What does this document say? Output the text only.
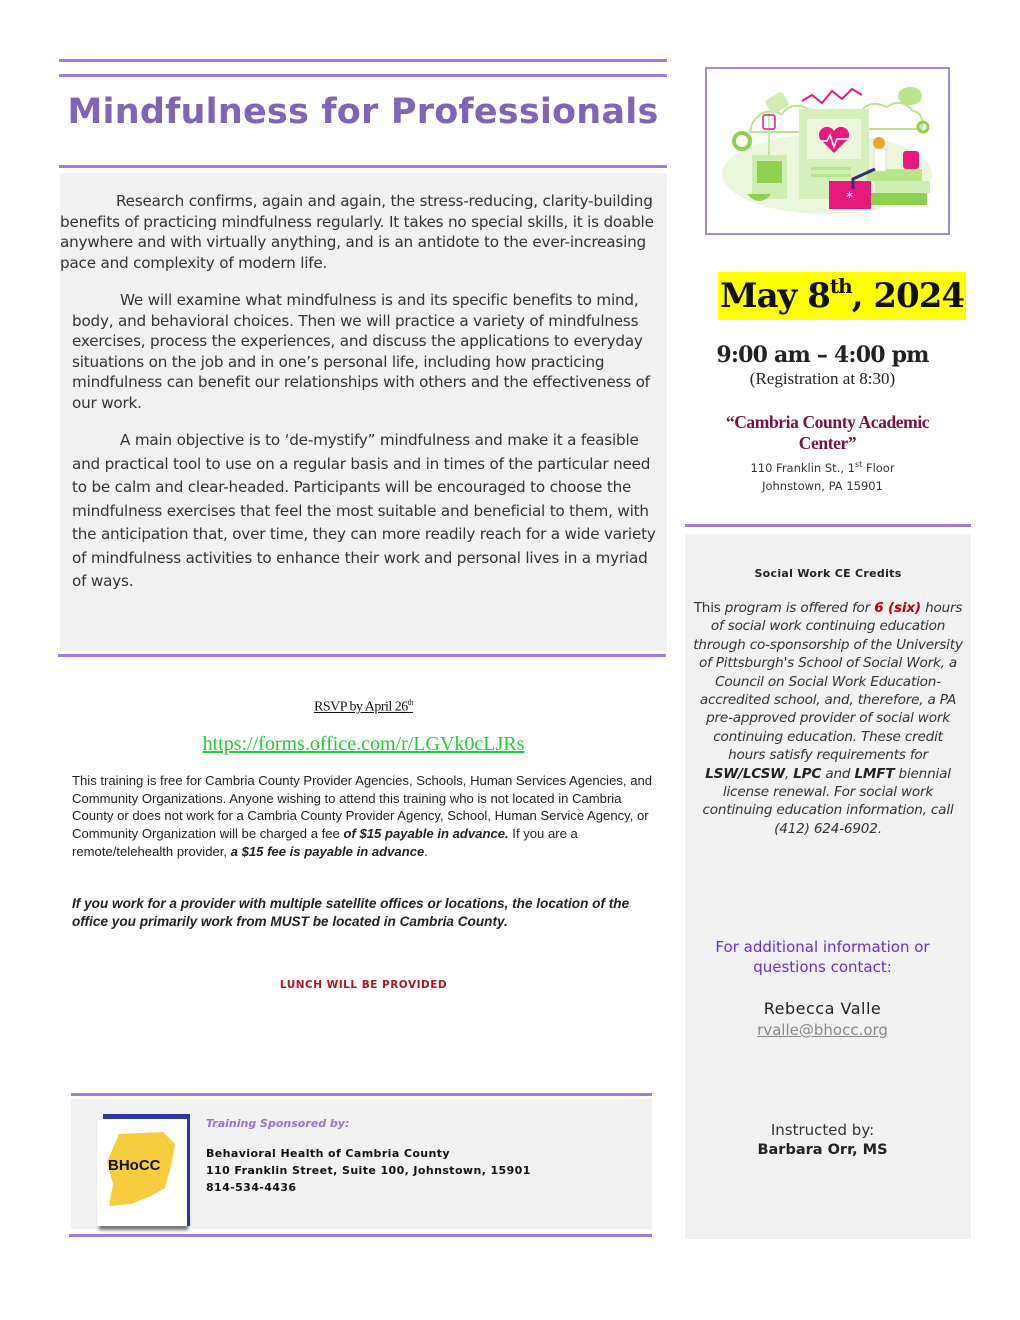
Mindfulness for Professionals
Research confirms, again and again, the stress-reducing, clarity-building benefits of practicing mindfulness regularly. It takes no special skills, it is doable anywhere and with virtually anything, and is an antidote to the ever-increasing pace and complexity of modern life.
We will examine what mindfulness is and its specific benefits to mind, body, and behavioral choices. Then we will practice a variety of mindfulness exercises, process the experiences, and discuss the applications to everyday situations on the job and in one’s personal life, including how practicing mindfulness can benefit our relationships with others and the effectiveness of our work.
A main objective is to ‘de-mystify” mindfulness and make it a feasible and practical tool to use on a regular basis and in times of the particular need to be calm and clear-headed. Participants will be encouraged to choose the mindfulness exercises that feel the most suitable and beneficial to them, with the anticipation that, over time, they can more readily reach for a wide variety of mindfulness activities to enhance their work and personal lives in a myriad of ways.
*
May 8th, 2024
9:00 am – 4:00 pm
(Registration at 8:30)
“Cambria County Academic Center”
110 Franklin St., 1st Floor
Johnstown, PA 15901
Social Work CE Credits
This program is offered for 6 (six) hours of social work continuing education through co-sponsorship of the University of Pittsburgh's School of Social Work, a Council on Social Work Education-accredited school, and, therefore, a PA pre-approved provider of social work continuing education. These credit hours satisfy requirements for LSW/LCSW, LPC and LMFT biennial license renewal. For social work continuing education information, call (412) 624-6902.
For additional information or questions contact:
Rebecca Valle
rvalle@bhocc.org
Instructed by:
Barbara Orr, MS
RSVP by April 26th
https://forms.office.com/r/LGVk0cLJRs
This training is free for Cambria County Provider Agencies, Schools, Human Services Agencies, and Community Organizations. Anyone wishing to attend this training who is not located in Cambria County or does not work for a Cambria County Provider Agency, School, Human Service Agency, or Community Organization will be charged a fee of $15 payable in advance. If you are a remote/telehealth provider, a $15 fee is payable in advance.
If you work for a provider with multiple satellite offices or locations, the location of the office you primarily work from MUST be located in Cambria County.
LUNCH WILL BE PROVIDED
BHoCC
Training Sponsored by:
Behavioral Health of Cambria County
110 Franklin Street, Suite 100, Johnstown, 15901
814-534-4436
